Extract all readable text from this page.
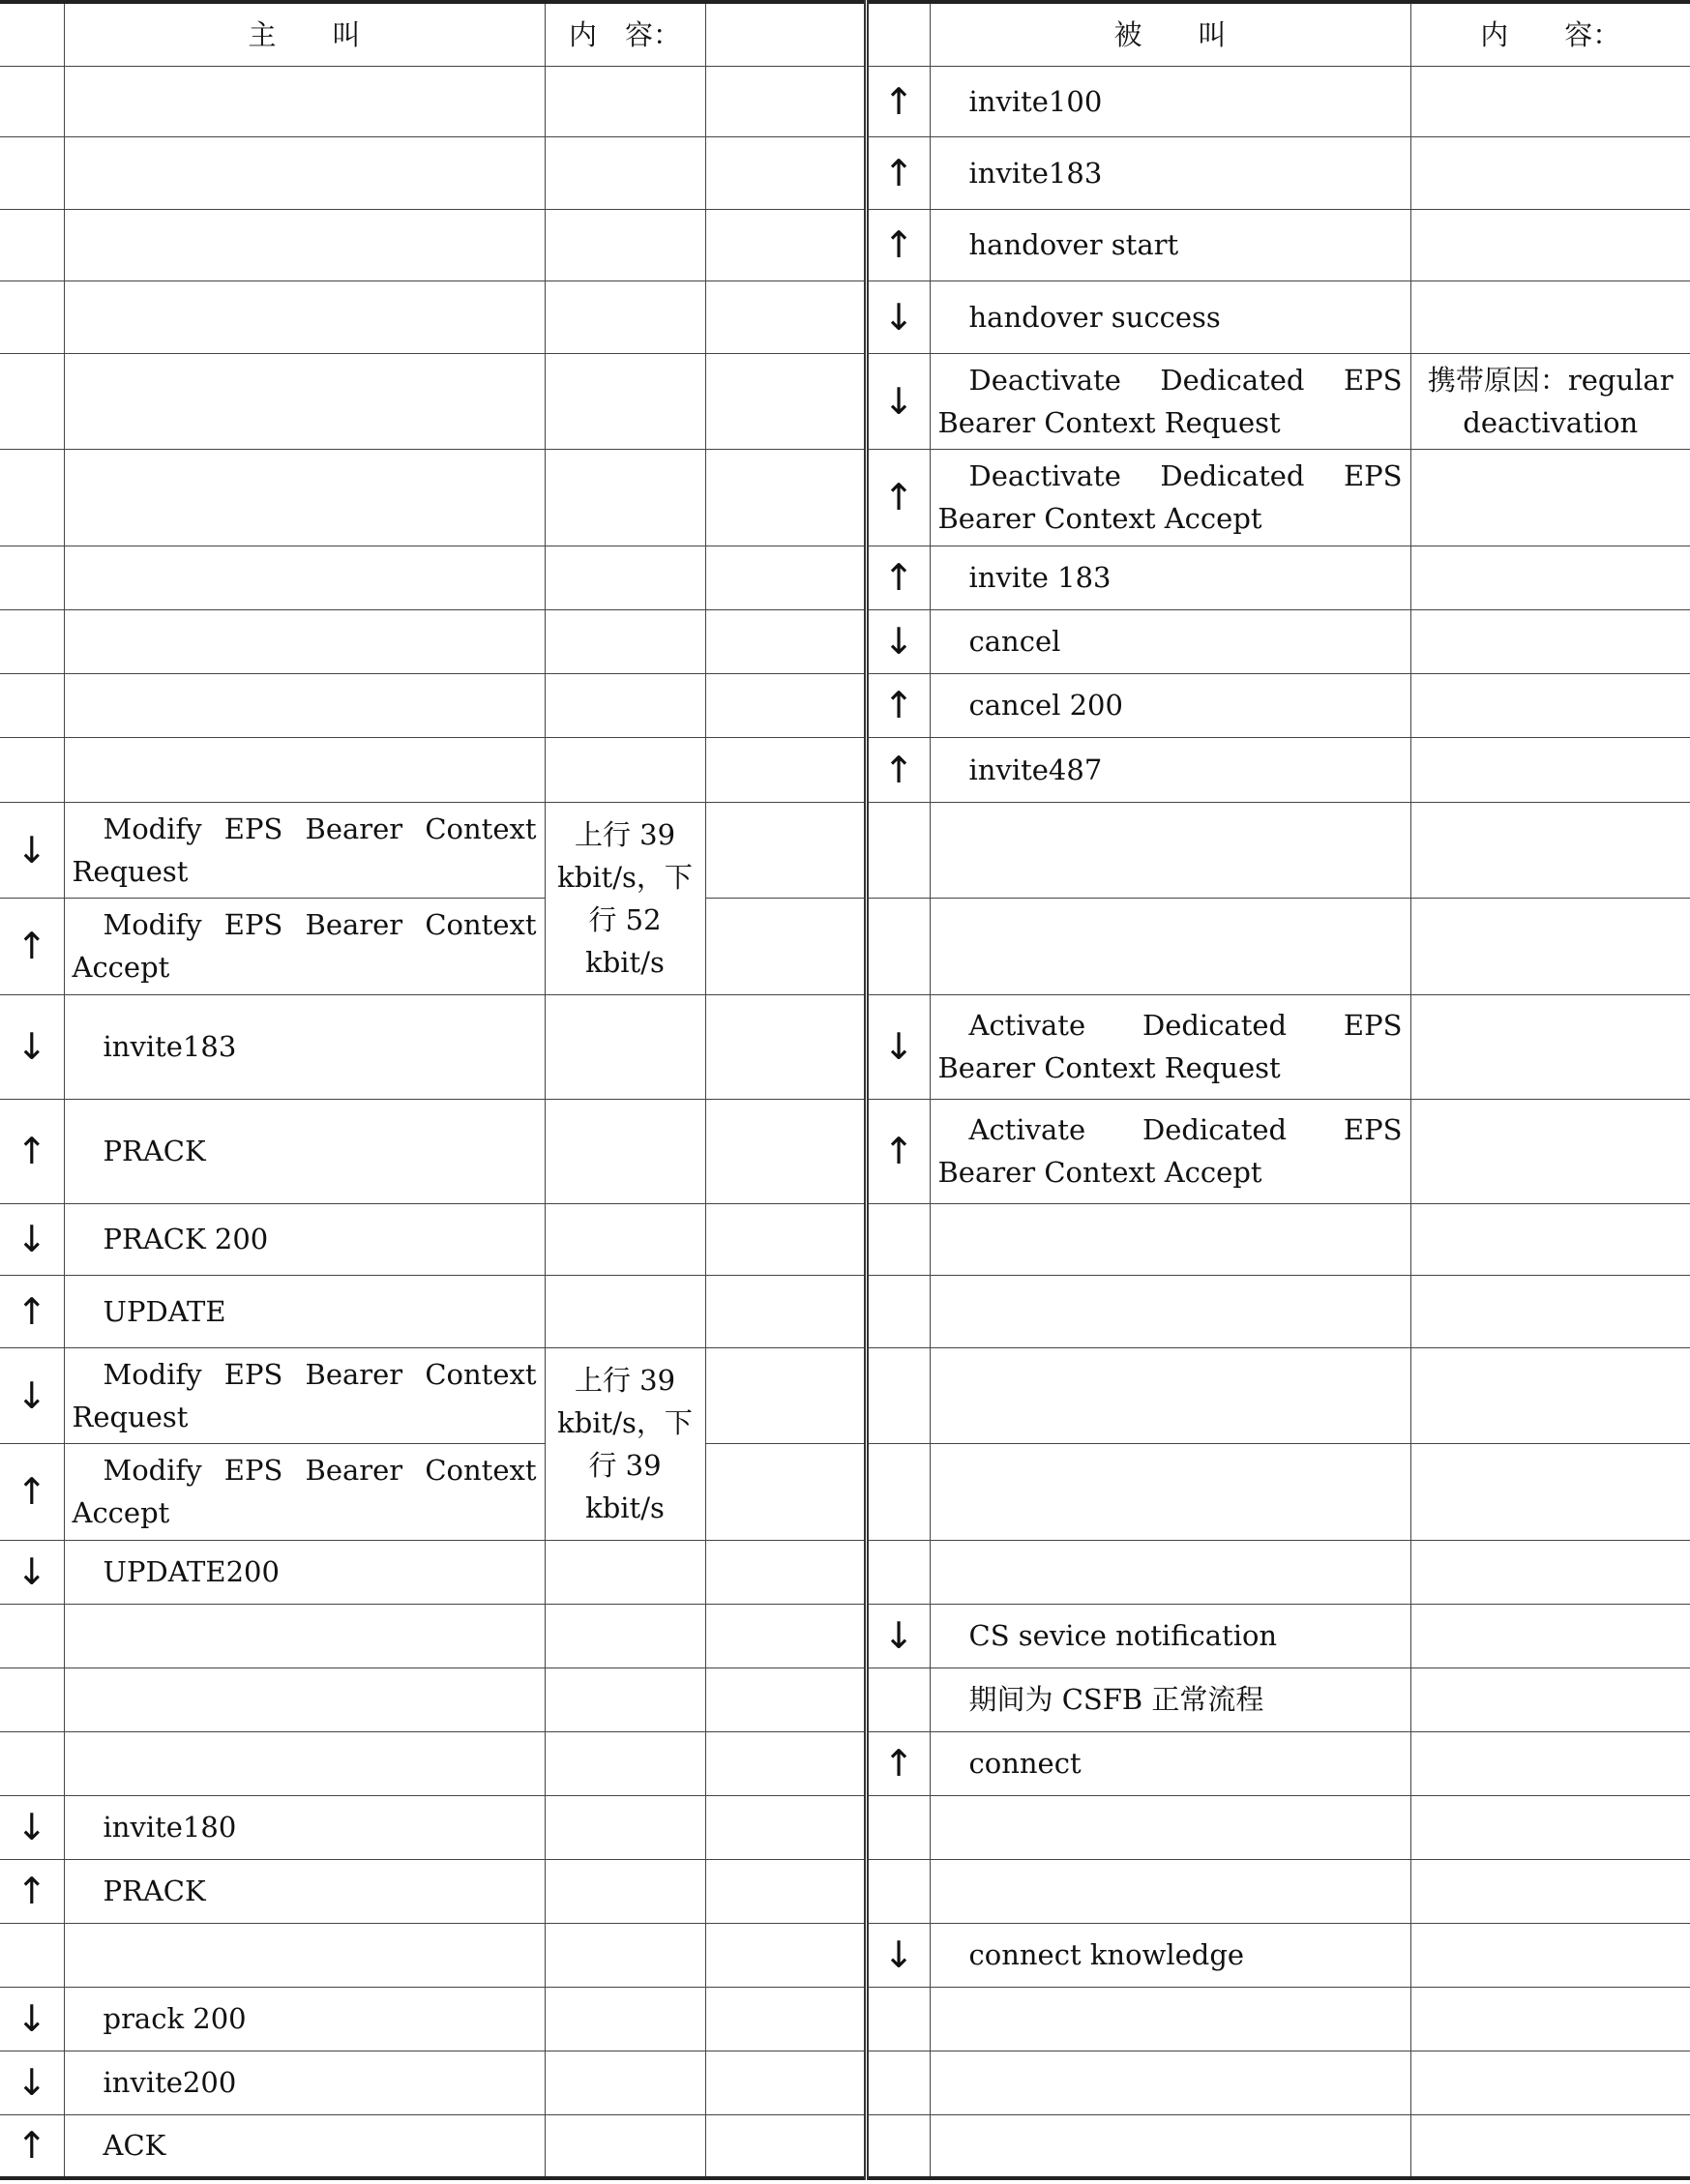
	主　　叫	内　容：			被　　叫	内　　容：
				↑	invite100	
				↑	invite183	
				↑	handover start	
				↓	handover success	
				↓	Deactivate Dedicated EPS Bearer Context Request	携带原因：regular deactivation
				↑	Deactivate Dedicated EPS Bearer Context Accept	
				↑	invite 183	
				↓	cancel	
				↑	cancel 200	
				↑	invite487	
↓	Modify EPS Bearer Context Request	上行 39 kbit/s，下行 52 kbit/s				
↑	Modify EPS Bearer Context Accept					
↓	invite183			↓	Activate Dedicated EPS Bearer Context Request	
↑	PRACK			↑	Activate Dedicated EPS Bearer Context Accept	
↓	PRACK 200					
↑	UPDATE					
↓	Modify EPS Bearer Context Request	上行 39 kbit/s，下行 39 kbit/s				
↑	Modify EPS Bearer Context Accept					
↓	UPDATE200					
				↓	CS sevice notification	
					期间为 CSFB 正常流程	
				↑	connect	
↓	invite180					
↑	PRACK					
				↓	connect knowledge	
↓	prack 200					
↓	invite200					
↑	ACK					
